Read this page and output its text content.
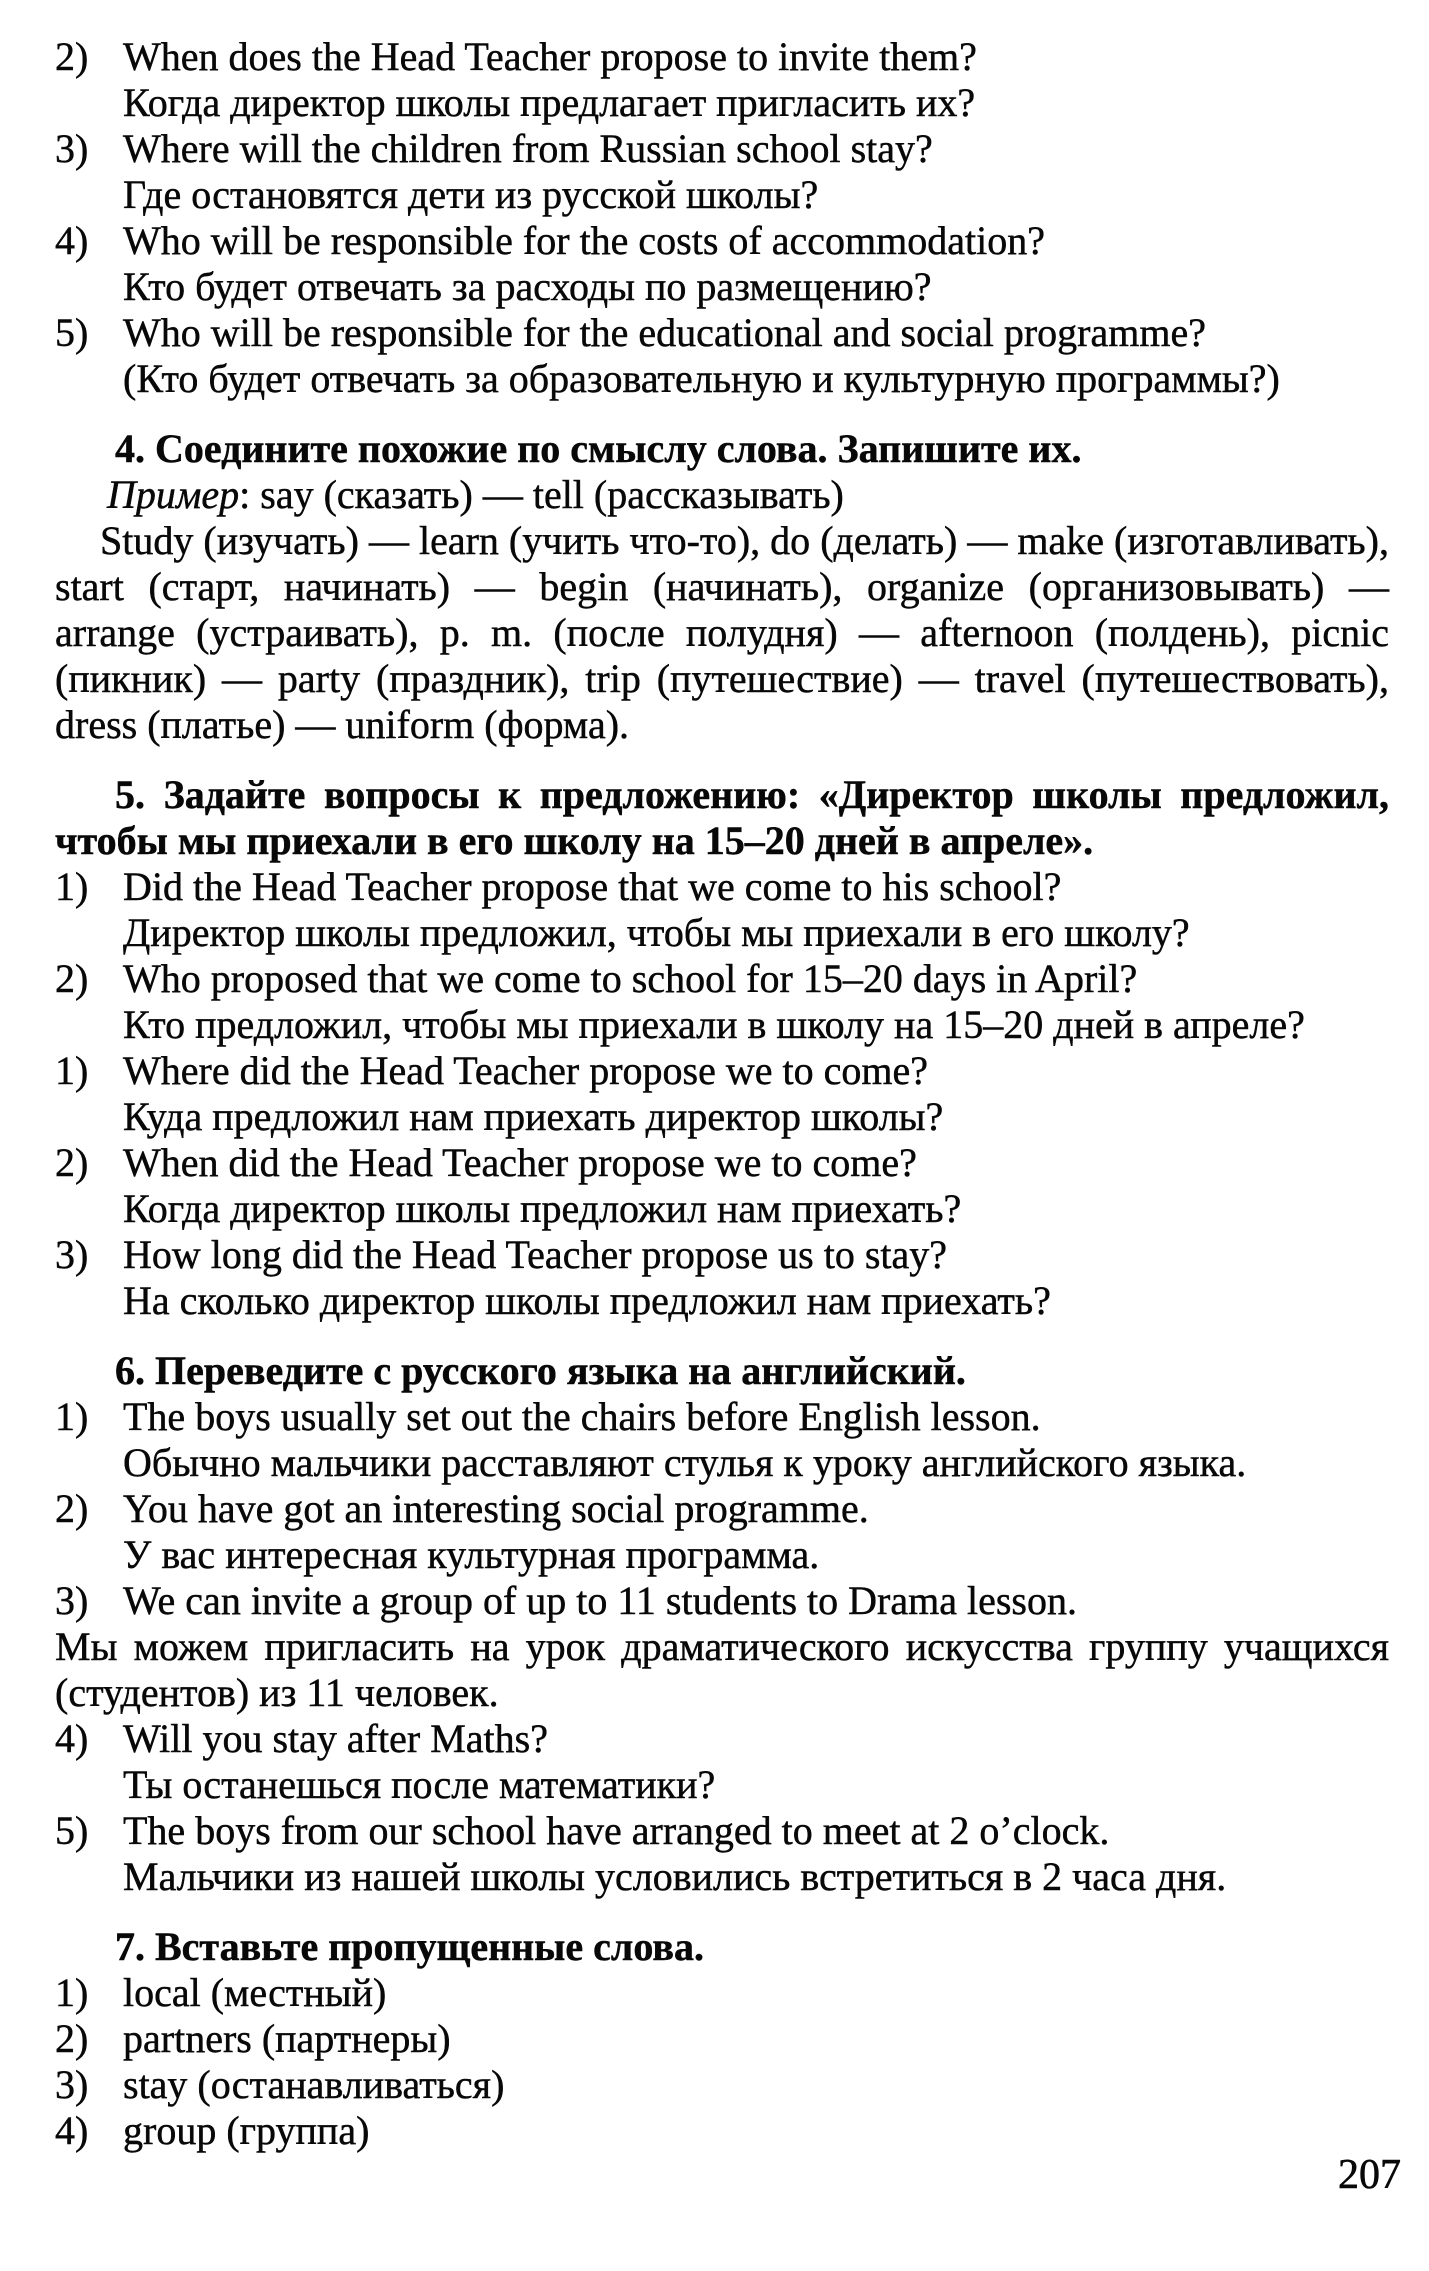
2) When does the Head Teacher propose to invite them?
Когда директор школы предлагает пригласить их?
3) Where will the children from Russian school stay?
Где остановятся дети из русской школы?
4) Who will be responsible for the costs of accommodation?
Кто будет отвечать за расходы по размещению?
5) Who will be responsible for the educational and social programme?
(Кто будет отвечать за образовательную и культурную программы?)
4. Соедините похожие по смыслу слова. Запишите их.

Пример: say (сказать) — tell (рассказывать)

Study (изучать) — learn (учить что-то), do (делать) — make (изготавливать), start (старт, начинать) — begin (начинать), organize (организовывать) — arrange (устраивать), p. m. (после полудня) — afternoon (полдень), picnic (пикник) — party (праздник), trip (путешествие) — travel (путешествовать), dress (платье) — uniform (форма).

5. Задайте вопросы к предложению: «Директор школы предложил, чтобы мы приехали в его школу на 15–20 дней в апреле».
1) Did the Head Teacher propose that we come to his school?
Директор школы предложил, чтобы мы приехали в его школу?
2) Who proposed that we come to school for 15–20 days in April?
Кто предложил, чтобы мы приехали в школу на 15–20 дней в апреле?
1) Where did the Head Teacher propose we to come?
Куда предложил нам приехать директор школы?
2) When did the Head Teacher propose we to come?
Когда директор школы предложил нам приехать?
3) How long did the Head Teacher propose us to stay?
На сколько директор школы предложил нам приехать?
6. Переведите с русского языка на английский.
1) The boys usually set out the chairs before English lesson.
Обычно мальчики расставляют стулья к уроку английского языка.
2) You have got an interesting social programme.
У вас интересная культурная программа.
3) We can invite a group of up to 11 students to Drama lesson.
Мы можем пригласить на урок драматического искусства группу учащихся (студентов) из 11 человек.
4) Will you stay after Maths?
Ты останешься после математики?
5) The boys from our school have arranged to meet at 2 o’clock.
Мальчики из нашей школы условились встретиться в 2 часа дня.
7. Вставьте пропущенные слова.
1) local (местный)
2) partners (партнеры)
3) stay (останавливаться)
4) group (группа)
207
